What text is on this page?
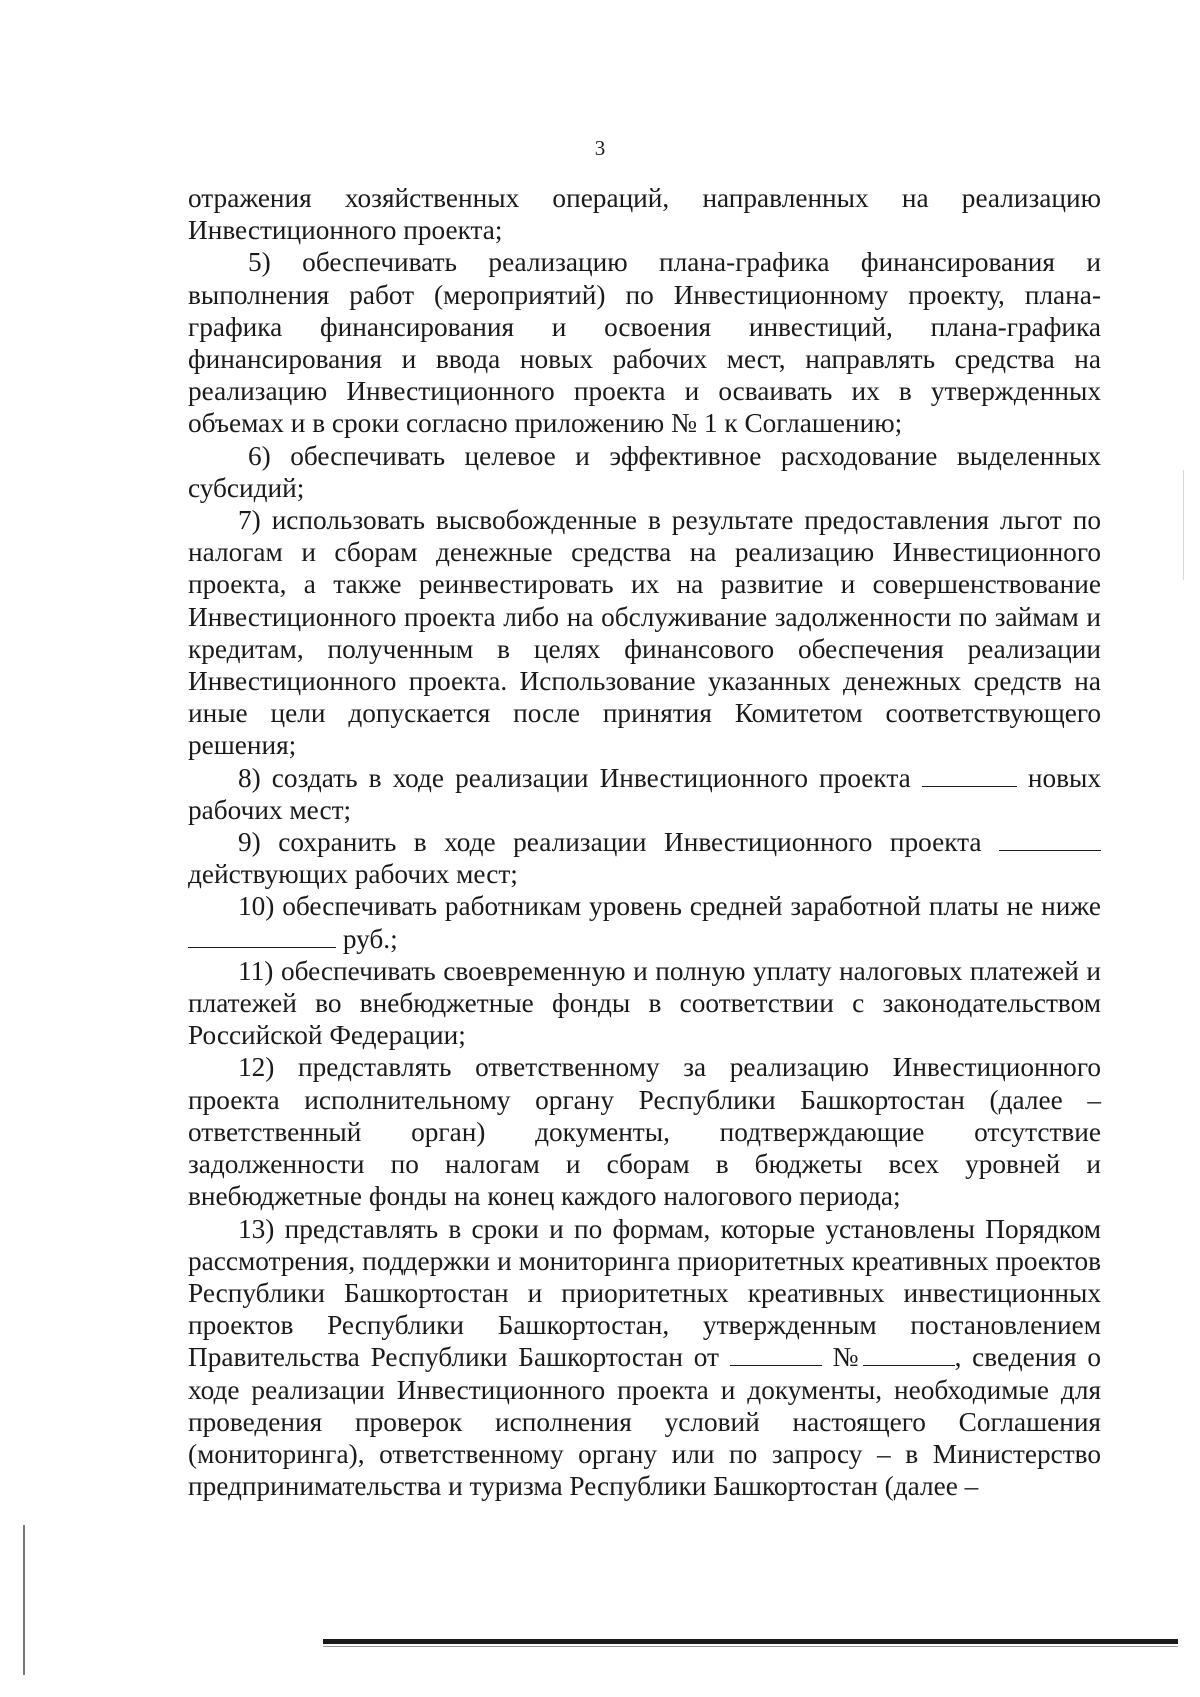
3

отражения хозяйственных операций, направленных на реализацию Инвестиционного проекта;

5) обеспечивать реализацию плана-графика финансирования и выполнения работ (мероприятий) по Инвестиционному проекту, плана-графика финансирования и освоения инвестиций, плана-графика финансирования и ввода новых рабочих мест, направлять средства на реализацию Инвестиционного проекта и осваивать их в утвержденных объемах и в сроки согласно приложению № 1 к Соглашению;

6) обеспечивать целевое и эффективное расходование выделенных субсидий;

7) использовать высвобожденные в результате предоставления льгот по налогам и сборам денежные средства на реализацию Инвестиционного проекта, а также реинвестировать их на развитие и совершенствование Инвестиционного проекта либо на обслуживание задолженности по займам и кредитам, полученным в целях финансового обеспечения реализации Инвестиционного проекта. Использование указанных денежных средств на иные цели допускается после принятия Комитетом соответствующего решения;

8) создать в ходе реализации Инвестиционного проекта	новых рабочих мест;

9) сохранить в ходе реализации Инвестиционного проекта  действующих рабочих мест;

10) обеспечивать работникам уровень средней заработной платы не ниже  руб.;

11) обеспечивать своевременную и полную уплату налоговых платежей и платежей во внебюджетные фонды в соответствии с законодательством Российской Федерации;

12) представлять ответственному за реализацию Инвестиционного проекта исполнительному органу Республики Башкортостан (далее – ответственный орган) документы, подтверждающие отсутствие задолженности по налогам и сборам в бюджеты всех уровней и внебюджетные фонды на конец каждого налогового периода;

13) представлять в сроки и по формам, которые установлены Порядком рассмотрения, поддержки и мониторинга приоритетных креативных проектов Республики Башкортостан и приоритетных креативных инвестиционных проектов Республики Башкортостан, утвержденным постановлением Правительства Республики Башкортостан от	№	, сведения о ходе реализации Инвестиционного проекта и документы, необходимые для проведения проверок исполнения условий настоящего Соглашения (мониторинга), ответственному органу или по запросу – в Министерство предпринимательства и туризма Республики Башкортостан (далее –
